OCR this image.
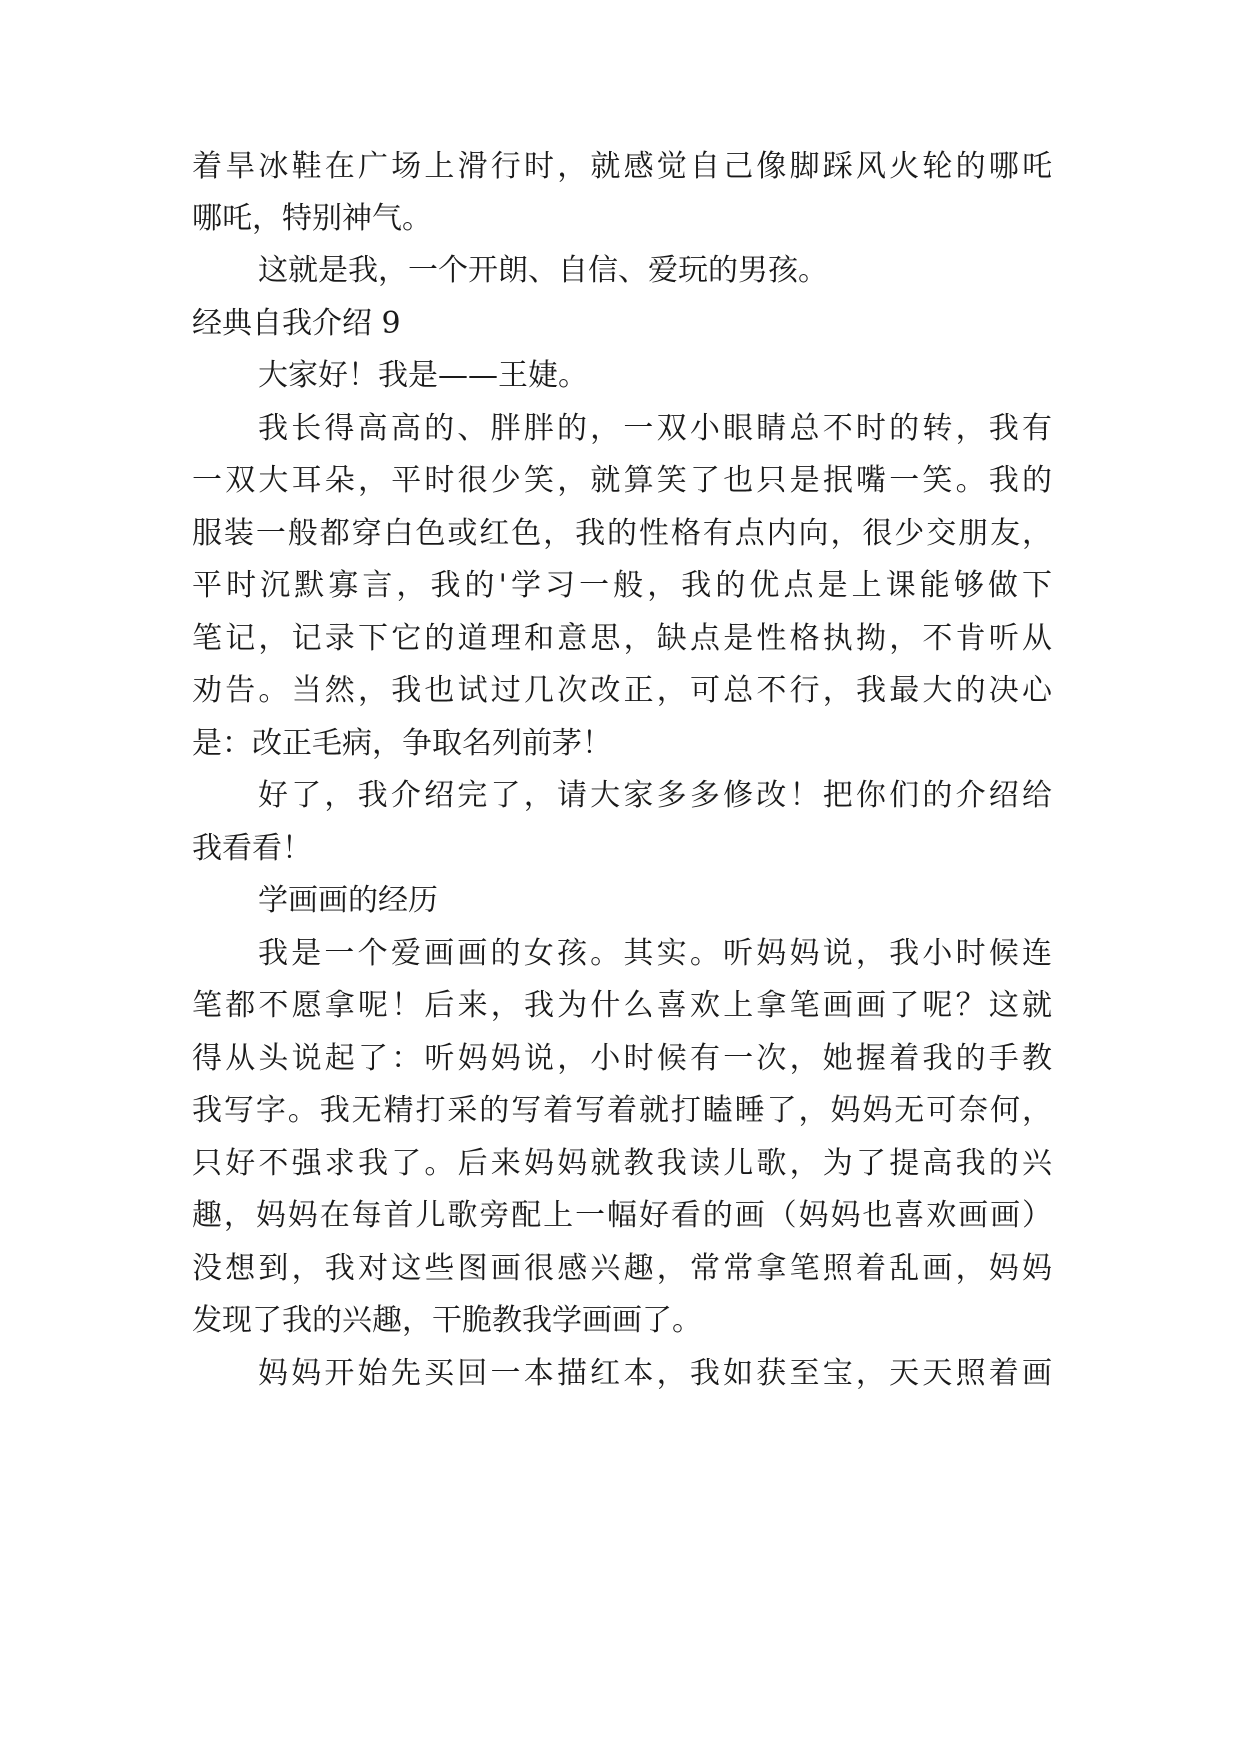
着旱冰鞋在广场上滑行时，就感觉自己像脚踩风火轮的哪吒
哪吒，特别神气。
这就是我，一个开朗、自信、爱玩的男孩。
经典自我介绍 9
大家好！我是——王婕。
我长得高高的、胖胖的，一双小眼睛总不时的转，我有
一双大耳朵，平时很少笑，就算笑了也只是抿嘴一笑。我的
服装一般都穿白色或红色，我的性格有点内向，很少交朋友，
平时沉默寡言，我的'学习一般，我的优点是上课能够做下
笔记，记录下它的道理和意思，缺点是性格执拗，不肯听从
劝告。当然，我也试过几次改正，可总不行，我最大的决心
是：改正毛病，争取名列前茅！
好了，我介绍完了，请大家多多修改！把你们的介绍给
我看看！
学画画的经历
我是一个爱画画的女孩。其实。听妈妈说，我小时候连
笔都不愿拿呢！后来，我为什么喜欢上拿笔画画了呢？这就
得从头说起了：听妈妈说，小时候有一次，她握着我的手教
我写字。我无精打采的写着写着就打瞌睡了，妈妈无可奈何，
只好不强求我了。后来妈妈就教我读儿歌，为了提高我的兴
趣，妈妈在每首儿歌旁配上一幅好看的画（妈妈也喜欢画画）
没想到，我对这些图画很感兴趣，常常拿笔照着乱画，妈妈
发现了我的兴趣，干脆教我学画画了。
妈妈开始先买回一本描红本，我如获至宝，天天照着画
